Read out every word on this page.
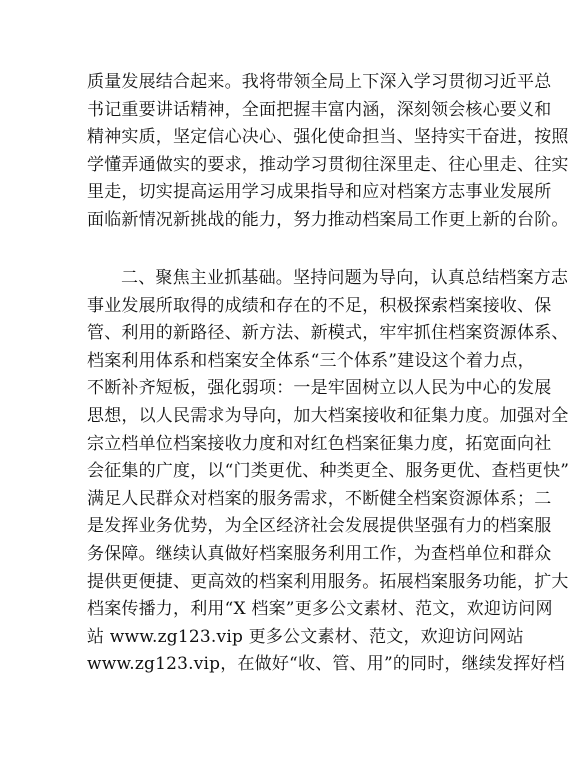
质量发展结合起来。我将带领全局上下深入学习贯彻习近平总
书记重要讲话精神，全面把握丰富内涵，深刻领会核心要义和
精神实质，坚定信心决心、强化使命担当、坚持实干奋进，按照
学懂弄通做实的要求，推动学习贯彻往深里走、往心里走、往实
里走，切实提高运用学习成果指导和应对档案方志事业发展所
面临新情况新挑战的能力，努力推动档案局工作更上新的台阶。
二、聚焦主业抓基础。坚持问题为导向，认真总结档案方志
事业发展所取得的成绩和存在的不足，积极探索档案接收、保
管、利用的新路径、新方法、新模式，牢牢抓住档案资源体系、
档案利用体系和档案安全体系“三个体系”建设这个着力点，
不断补齐短板，强化弱项：一是牢固树立以人民为中心的发展
思想，以人民需求为导向，加大档案接收和征集力度。加强对全
宗立档单位档案接收力度和对红色档案征集力度，拓宽面向社
会征集的广度，以“门类更优、种类更全、服务更优、查档更快”
满足人民群众对档案的服务需求，不断健全档案资源体系；二
是发挥业务优势，为全区经济社会发展提供坚强有力的档案服
务保障。继续认真做好档案服务利用工作，为查档单位和群众
提供更便捷、更高效的档案利用服务。拓展档案服务功能，扩大
档案传播力，利用“X 档案”更多公文素材、范文，欢迎访问网
站 www.zg123.vip 更多公文素材、范文，欢迎访问网站
www.zg123.vip，在做好“收、管、用”的同时，继续发挥好档
